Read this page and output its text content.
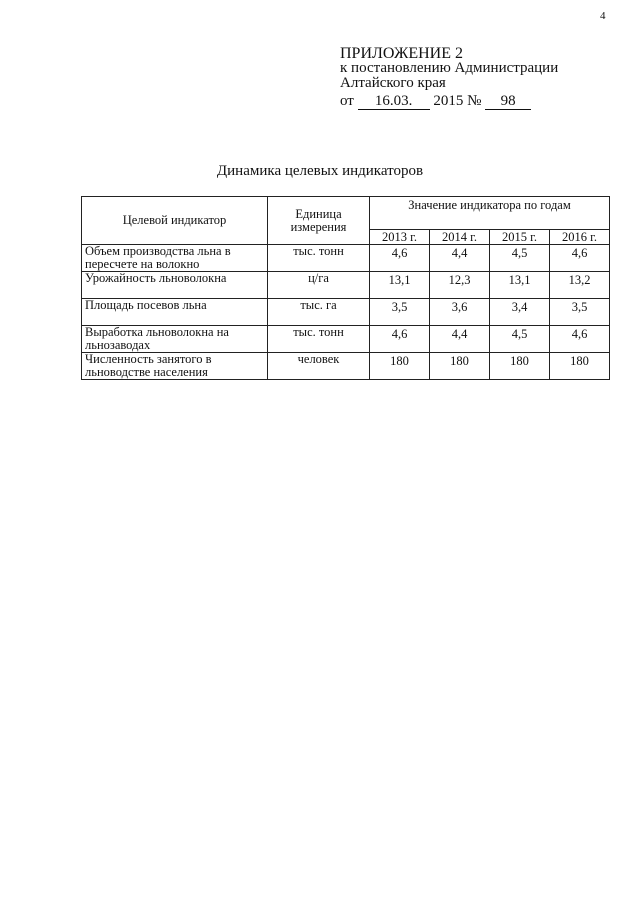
4
ПРИЛОЖЕНИЕ 2
к постановлению Администрации
Алтайского края
от 16.03. 2015 № 98
Динамика целевых индикаторов
Целевой индикатор	Единица измерения	Значение индикатора по годам			
		2013 г.	2014 г.	2015 г.	2016 г.
Объем производства льна в пересчете на волокно	тыс. тонн	4,6	4,4	4,5	4,6
Урожайность льноволокна	ц/га	13,1	12,3	13,1	13,2
Площадь посевов льна	тыс. га	3,5	3,6	3,4	3,5
Выработка льноволокна на льнозаводах	тыс. тонн	4,6	4,4	4,5	4,6
Численность занятого в льноводстве населения	человек	180	180	180	180
